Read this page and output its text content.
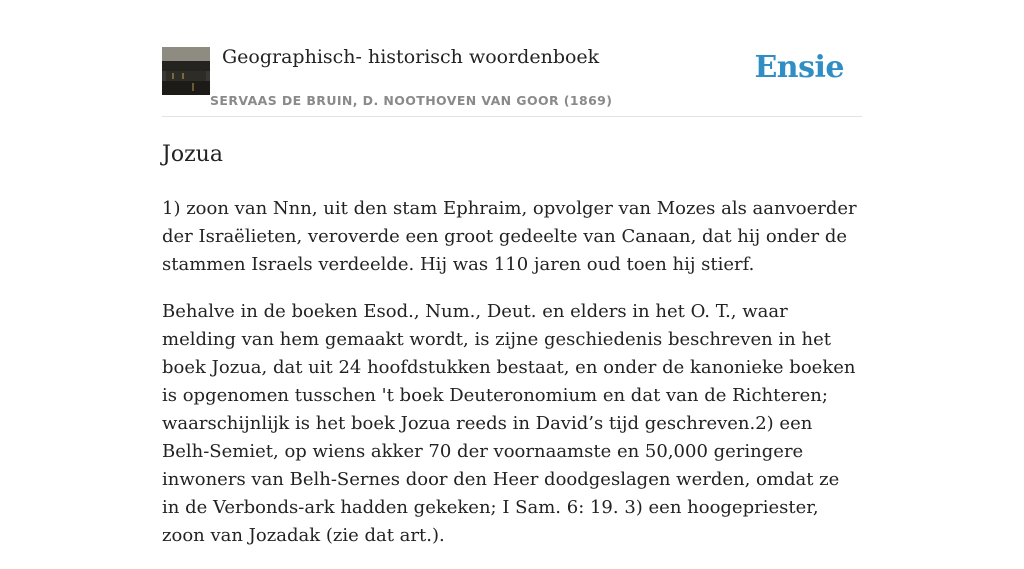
Geographisch- historisch woordenboek
SERVAAS DE BRUIN, D. NOOTHOVEN VAN GOOR (1869)
Ensie
Jozua

1) zoon van Nnn, uit den stam Ephraim, opvolger van Mozes als aanvoerder der Israëlieten, veroverde een groot gedeelte van Canaan, dat hij onder de stammen Israels verdeelde. Hij was 110 jaren oud toen hij stierf.

Behalve in de boeken Esod., Num., Deut. en elders in het O. T., waar melding van hem gemaakt wordt, is zijne geschiedenis beschreven in het boek Jozua, dat uit 24 hoofdstukken bestaat, en onder de kanonieke boeken is opgenomen tusschen 't boek Deuteronomium en dat van de Richteren; waarschijnlijk is het boek Jozua reeds in David’s tijd geschreven.2) een Belh-Semiet, op wiens akker 70 der voornaamste en 50,000 geringere inwoners van Belh-Sernes door den Heer doodgeslagen werden, omdat ze in de Verbonds-ark hadden gekeken; I Sam. 6: 19. 3) een hoogepriester, zoon van Jozadak (zie dat art.).
